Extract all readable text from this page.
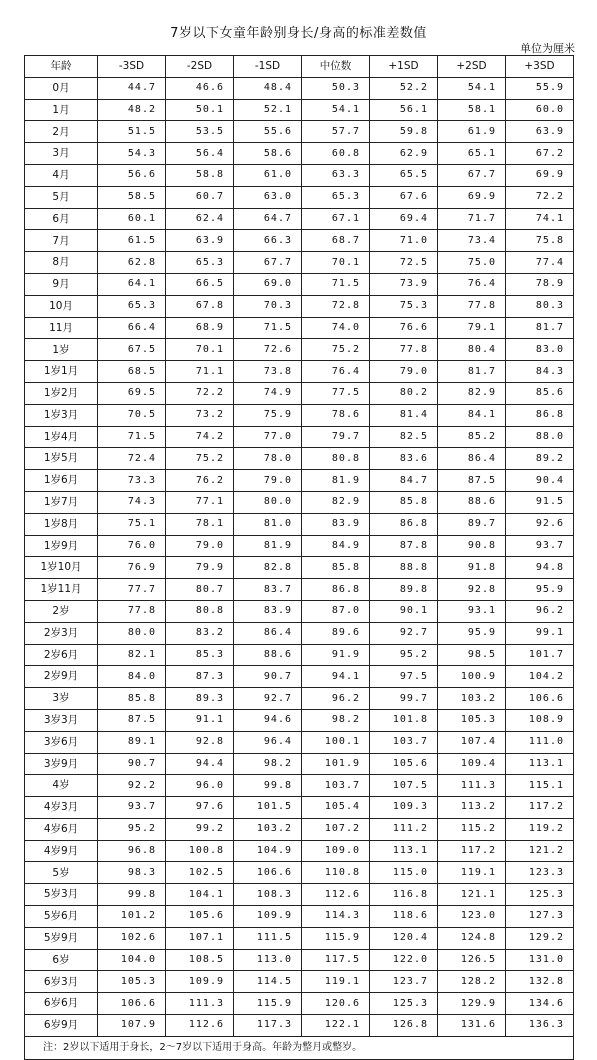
7岁以下女童年龄别身长/身高的标准差数值
单位为厘米
年龄	-3SD	-2SD	-1SD	中位数	+1SD	+2SD	+3SD
0月	44.7	46.6	48.4	50.3	52.2	54.1	55.9
1月	48.2	50.1	52.1	54.1	56.1	58.1	60.0
2月	51.5	53.5	55.6	57.7	59.8	61.9	63.9
3月	54.3	56.4	58.6	60.8	62.9	65.1	67.2
4月	56.6	58.8	61.0	63.3	65.5	67.7	69.9
5月	58.5	60.7	63.0	65.3	67.6	69.9	72.2
6月	60.1	62.4	64.7	67.1	69.4	71.7	74.1
7月	61.5	63.9	66.3	68.7	71.0	73.4	75.8
8月	62.8	65.3	67.7	70.1	72.5	75.0	77.4
9月	64.1	66.5	69.0	71.5	73.9	76.4	78.9
10月	65.3	67.8	70.3	72.8	75.3	77.8	80.3
11月	66.4	68.9	71.5	74.0	76.6	79.1	81.7
1岁	67.5	70.1	72.6	75.2	77.8	80.4	83.0
1岁1月	68.5	71.1	73.8	76.4	79.0	81.7	84.3
1岁2月	69.5	72.2	74.9	77.5	80.2	82.9	85.6
1岁3月	70.5	73.2	75.9	78.6	81.4	84.1	86.8
1岁4月	71.5	74.2	77.0	79.7	82.5	85.2	88.0
1岁5月	72.4	75.2	78.0	80.8	83.6	86.4	89.2
1岁6月	73.3	76.2	79.0	81.9	84.7	87.5	90.4
1岁7月	74.3	77.1	80.0	82.9	85.8	88.6	91.5
1岁8月	75.1	78.1	81.0	83.9	86.8	89.7	92.6
1岁9月	76.0	79.0	81.9	84.9	87.8	90.8	93.7
1岁10月	76.9	79.9	82.8	85.8	88.8	91.8	94.8
1岁11月	77.7	80.7	83.7	86.8	89.8	92.8	95.9
2岁	77.8	80.8	83.9	87.0	90.1	93.1	96.2
2岁3月	80.0	83.2	86.4	89.6	92.7	95.9	99.1
2岁6月	82.1	85.3	88.6	91.9	95.2	98.5	101.7
2岁9月	84.0	87.3	90.7	94.1	97.5	100.9	104.2
3岁	85.8	89.3	92.7	96.2	99.7	103.2	106.6
3岁3月	87.5	91.1	94.6	98.2	101.8	105.3	108.9
3岁6月	89.1	92.8	96.4	100.1	103.7	107.4	111.0
3岁9月	90.7	94.4	98.2	101.9	105.6	109.4	113.1
4岁	92.2	96.0	99.8	103.7	107.5	111.3	115.1
4岁3月	93.7	97.6	101.5	105.4	109.3	113.2	117.2
4岁6月	95.2	99.2	103.2	107.2	111.2	115.2	119.2
4岁9月	96.8	100.8	104.9	109.0	113.1	117.2	121.2
5岁	98.3	102.5	106.6	110.8	115.0	119.1	123.3
5岁3月	99.8	104.1	108.3	112.6	116.8	121.1	125.3
5岁6月	101.2	105.6	109.9	114.3	118.6	123.0	127.3
5岁9月	102.6	107.1	111.5	115.9	120.4	124.8	129.2
6岁	104.0	108.5	113.0	117.5	122.0	126.5	131.0
6岁3月	105.3	109.9	114.5	119.1	123.7	128.2	132.8
6岁6月	106.6	111.3	115.9	120.6	125.3	129.9	134.6
6岁9月	107.9	112.6	117.3	122.1	126.8	131.6	136.3
注：2岁以下适用于身长，2～7岁以下适用于身高。年龄为整月或整岁。							
